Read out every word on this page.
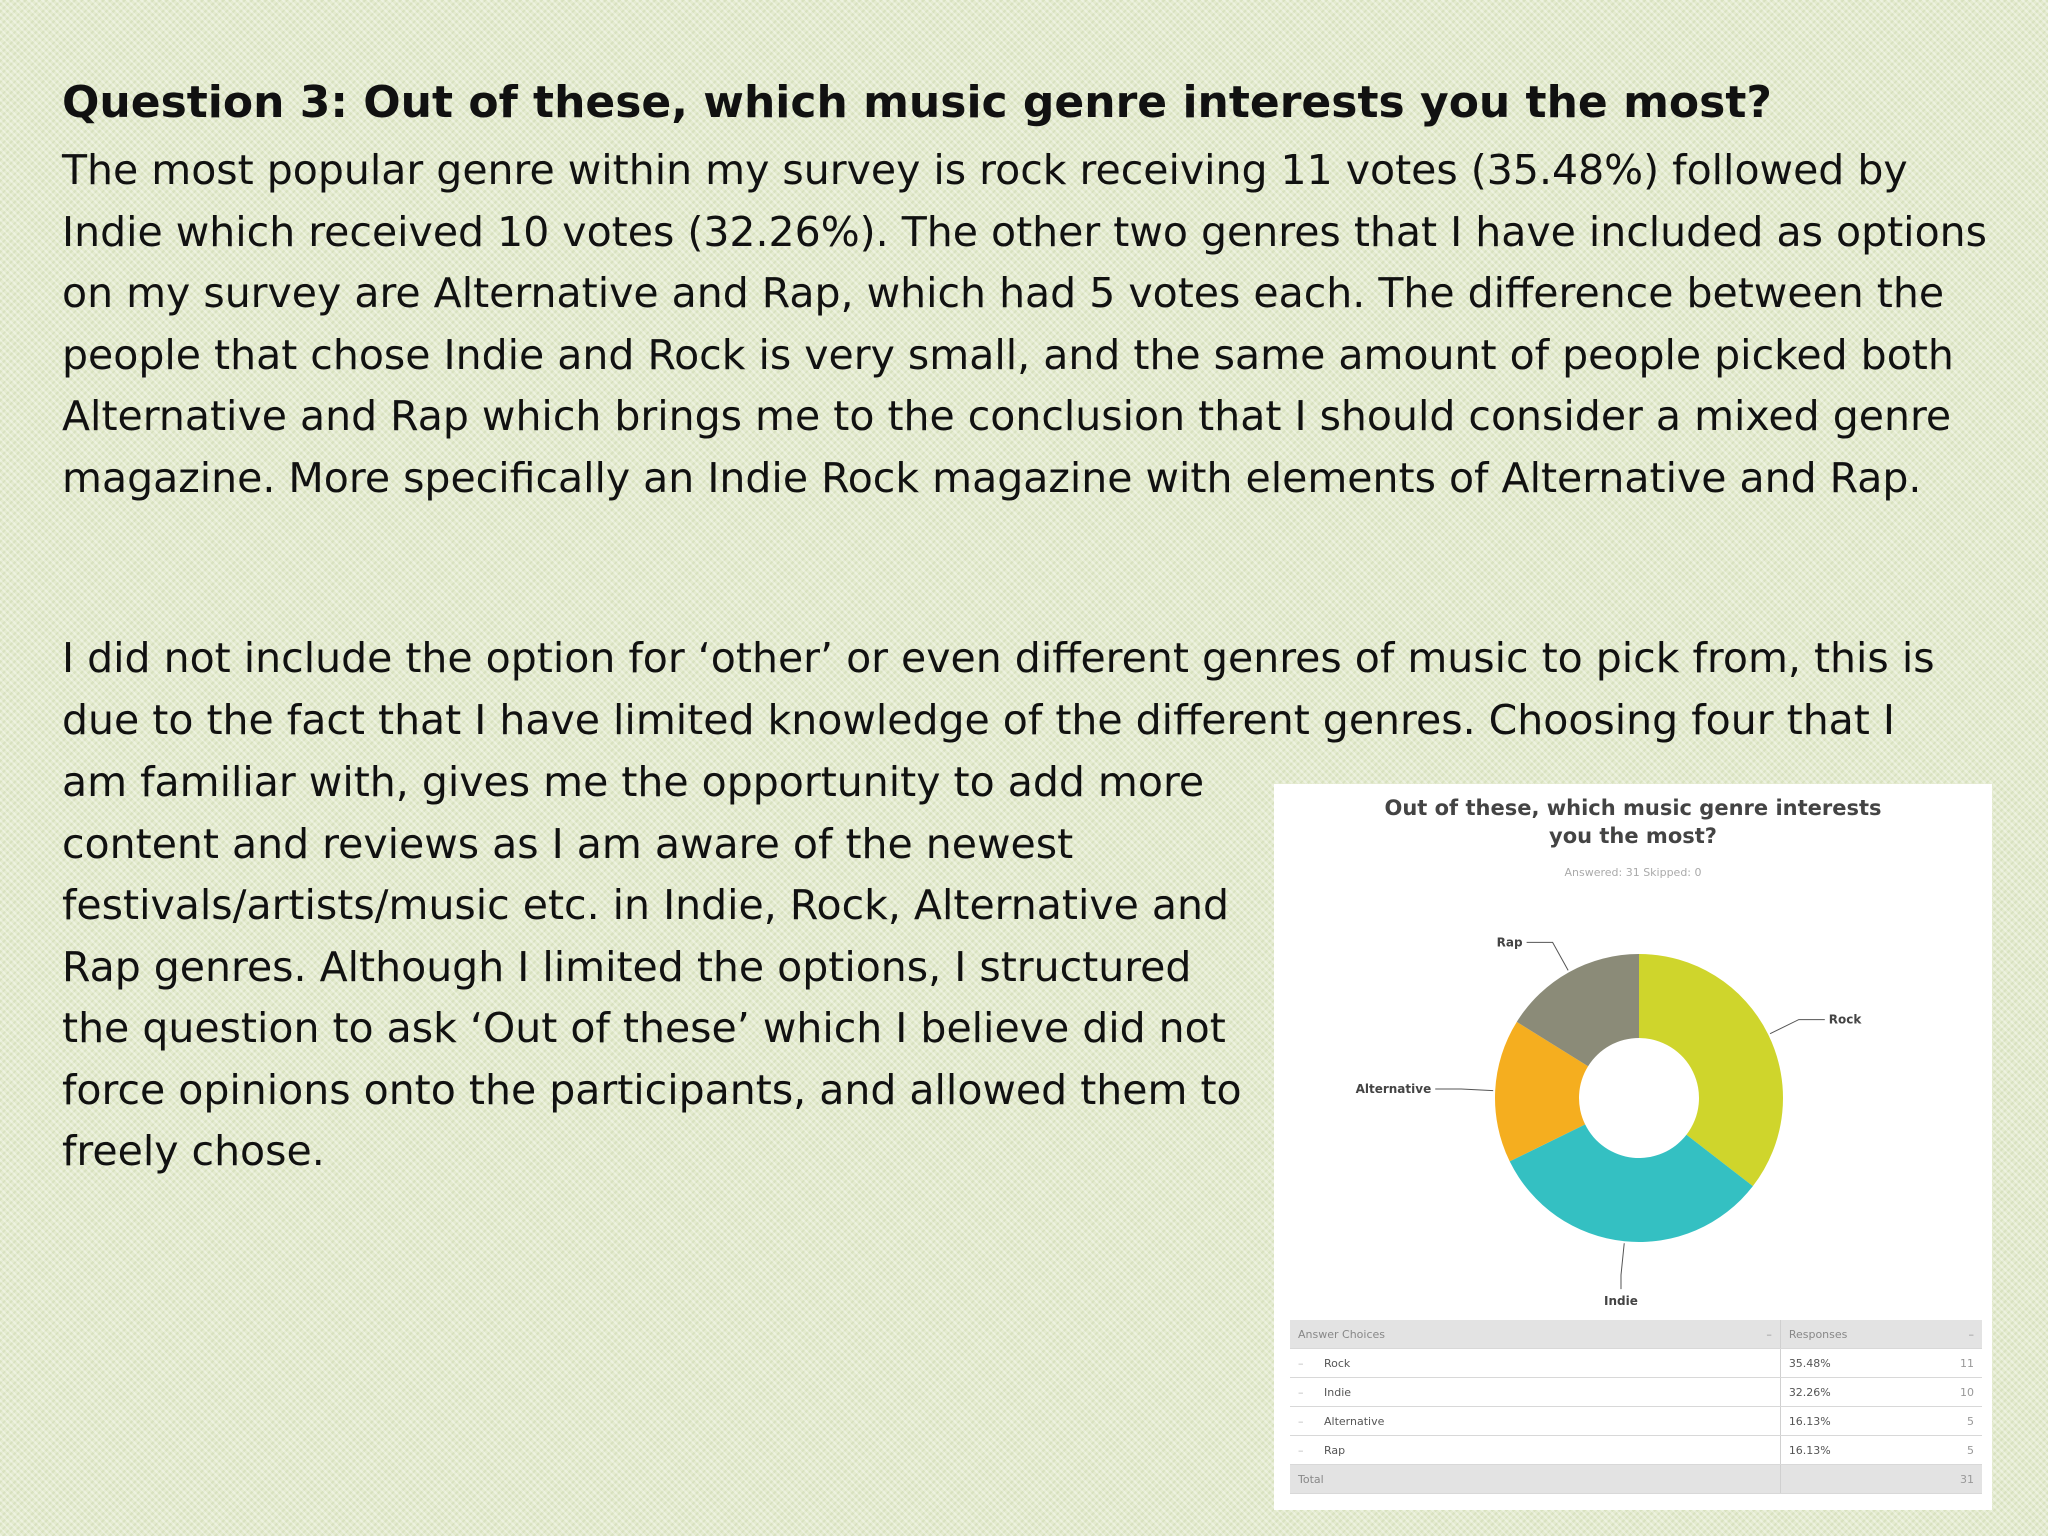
Question 3: Out of these, which music genre interests you the most?

The most popular genre within my survey is rock receiving 11 votes (35.48%) followed by Indie which received 10 votes (32.26%). The other two genres that I have included as options on my survey are Alternative and Rap, which had 5 votes each. The difference between the people that chose Indie and Rock is very small, and the same amount of people picked both Alternative and Rap which brings me to the conclusion that I should consider a mixed genre magazine. More specifically an Indie Rock magazine with elements of Alternative and Rap.

I did not include the option for ‘other’ or even different genres of music to pick from, this is due to the fact that I have limited knowledge of the different genres. Choosing four that I

am familiar with, gives me the opportunity to add more content and reviews as I am aware of the newest festivals/artists/music etc. in Indie, Rock, Alternative and Rap genres. Although I limited the options, I structured the question to ask ‘Out of these’ which I believe did not force opinions onto the participants, and allowed them to freely chose.

Out of these, which music genre interests
you the most?
Answered: 31 Skipped: 0
Rock
Indie
Alternative
Rap
Answer Choices		–	Responses	–
–	Rock		35.48%	11
–	Indie		32.26%	10
–	Alternative		16.13%	5
–	Rap		16.13%	5
Total				31
